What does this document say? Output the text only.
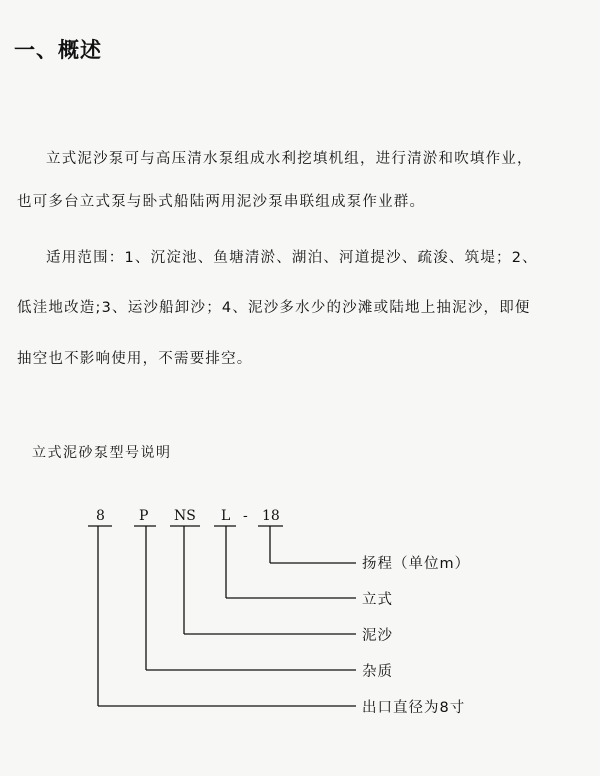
一、概述
立式泥沙泵可与高压清水泵组成水利挖填机组，进行清淤和吹填作业，
也可多台立式泵与卧式船陆两用泥沙泵串联组成泵作业群。
适用范围：1、沉淀池、鱼塘清淤、湖泊、河道提沙、疏浚、筑堤；2、
低洼地改造;3、运沙船卸沙；4、泥沙多水少的沙滩或陆地上抽泥沙，即便
抽空也不影响使用，不需要排空。
立式泥砂泵型号说明
8 P NS L - 18
扬程（单位m）
立式
泥沙
杂质
出口直径为8寸
